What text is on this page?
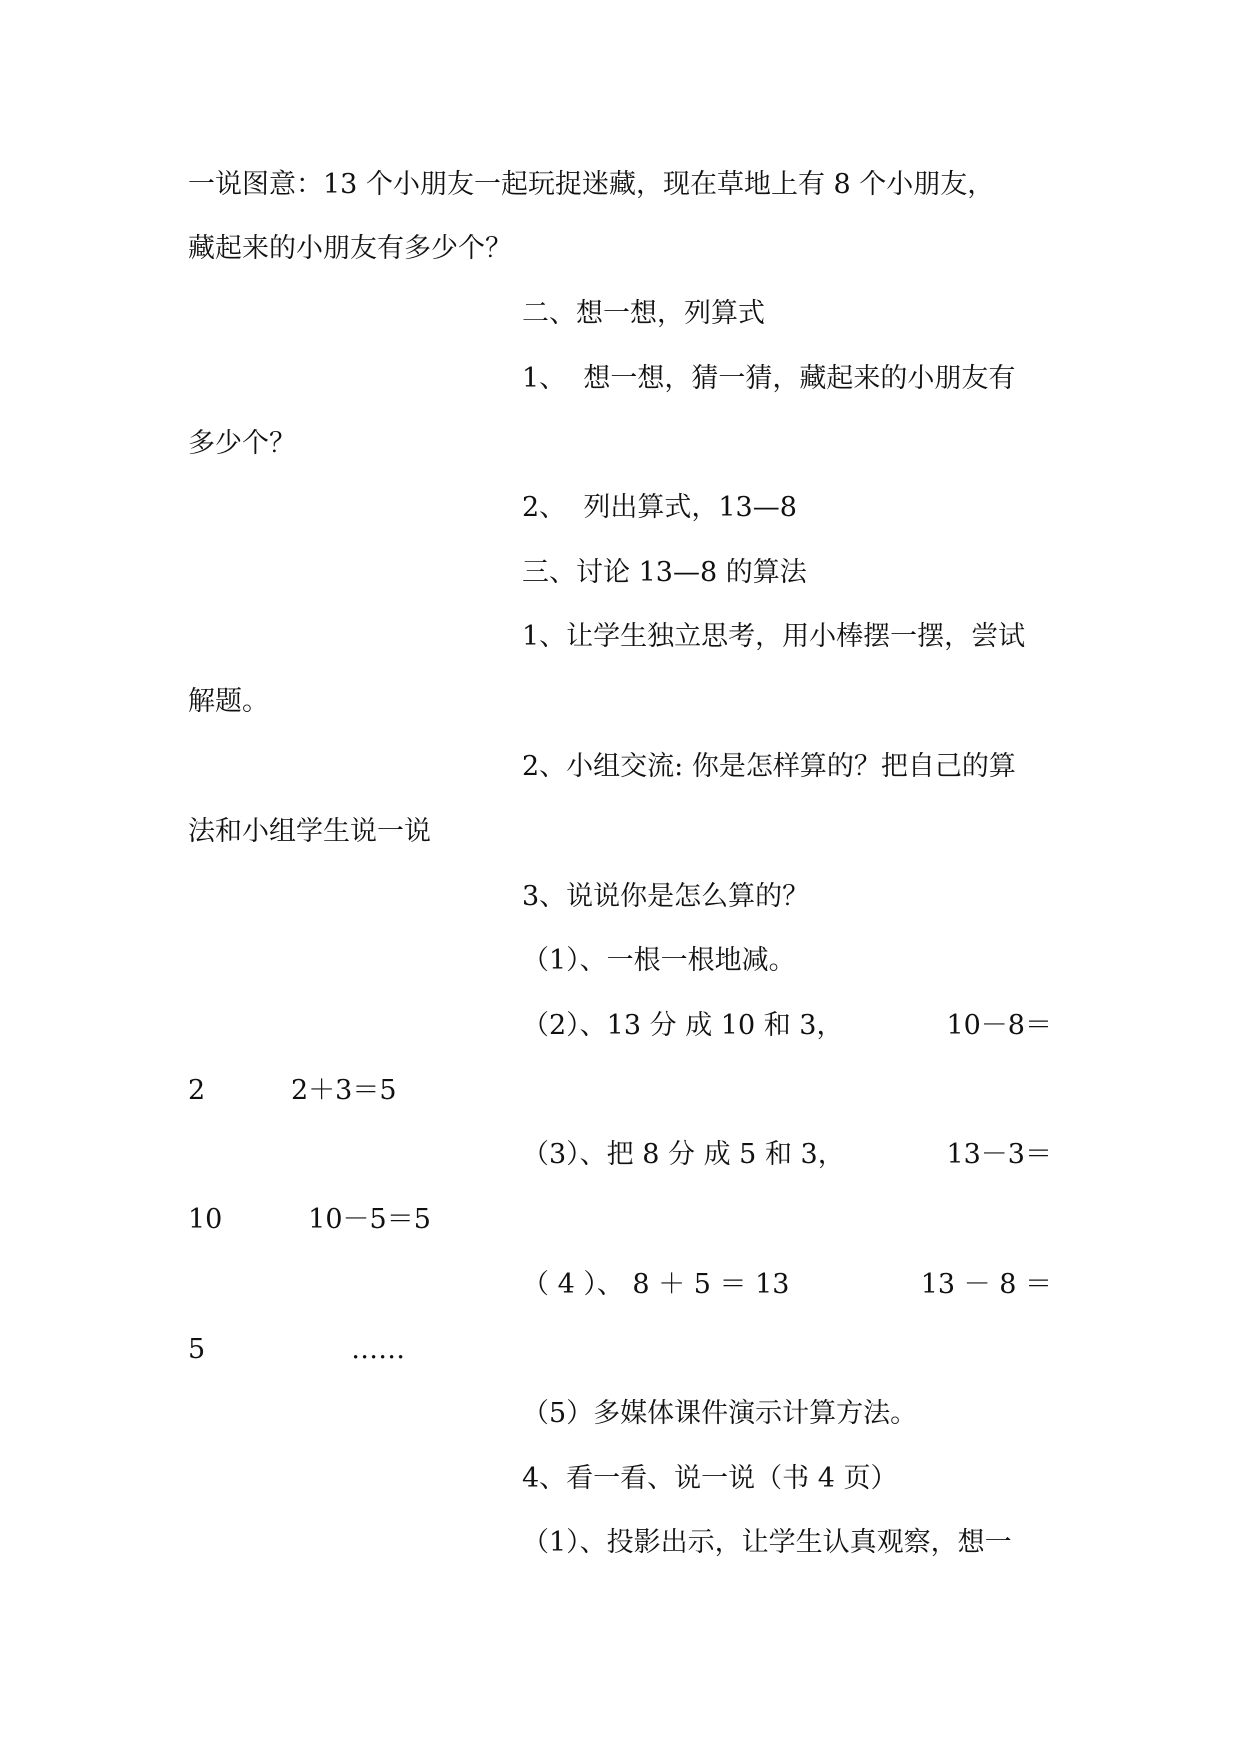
一说图意：13 个小朋友一起玩捉迷藏，现在草地上有 8 个小朋友，
藏起来的小朋友有多少个？
二、想一想，列算式
1、  想一想，猜一猜，藏起来的小朋友有
多少个？
2、  列出算式，13—8
三、讨论 13—8 的算法
1、让学生独立思考，用小棒摆一摆，尝试
解题。
2、小组交流: 你是怎样算的？把自己的算
法和小组学生说一说
3、说说你是怎么算的？
（1）、一根一根地减。
（2）、13 分 成 10 和 3，	10－8＝
2          2＋3＝5
（3）、把 8 分 成 5 和 3，	13－3＝
10          10－5＝5
（ 4 ）、 8 ＋ 5 ＝ 13	13 － 8 ＝
5                 ……
（5）多媒体课件演示计算方法。
4、看一看、说一说（书 4 页）
（1）、投影出示，让学生认真观察，想一
